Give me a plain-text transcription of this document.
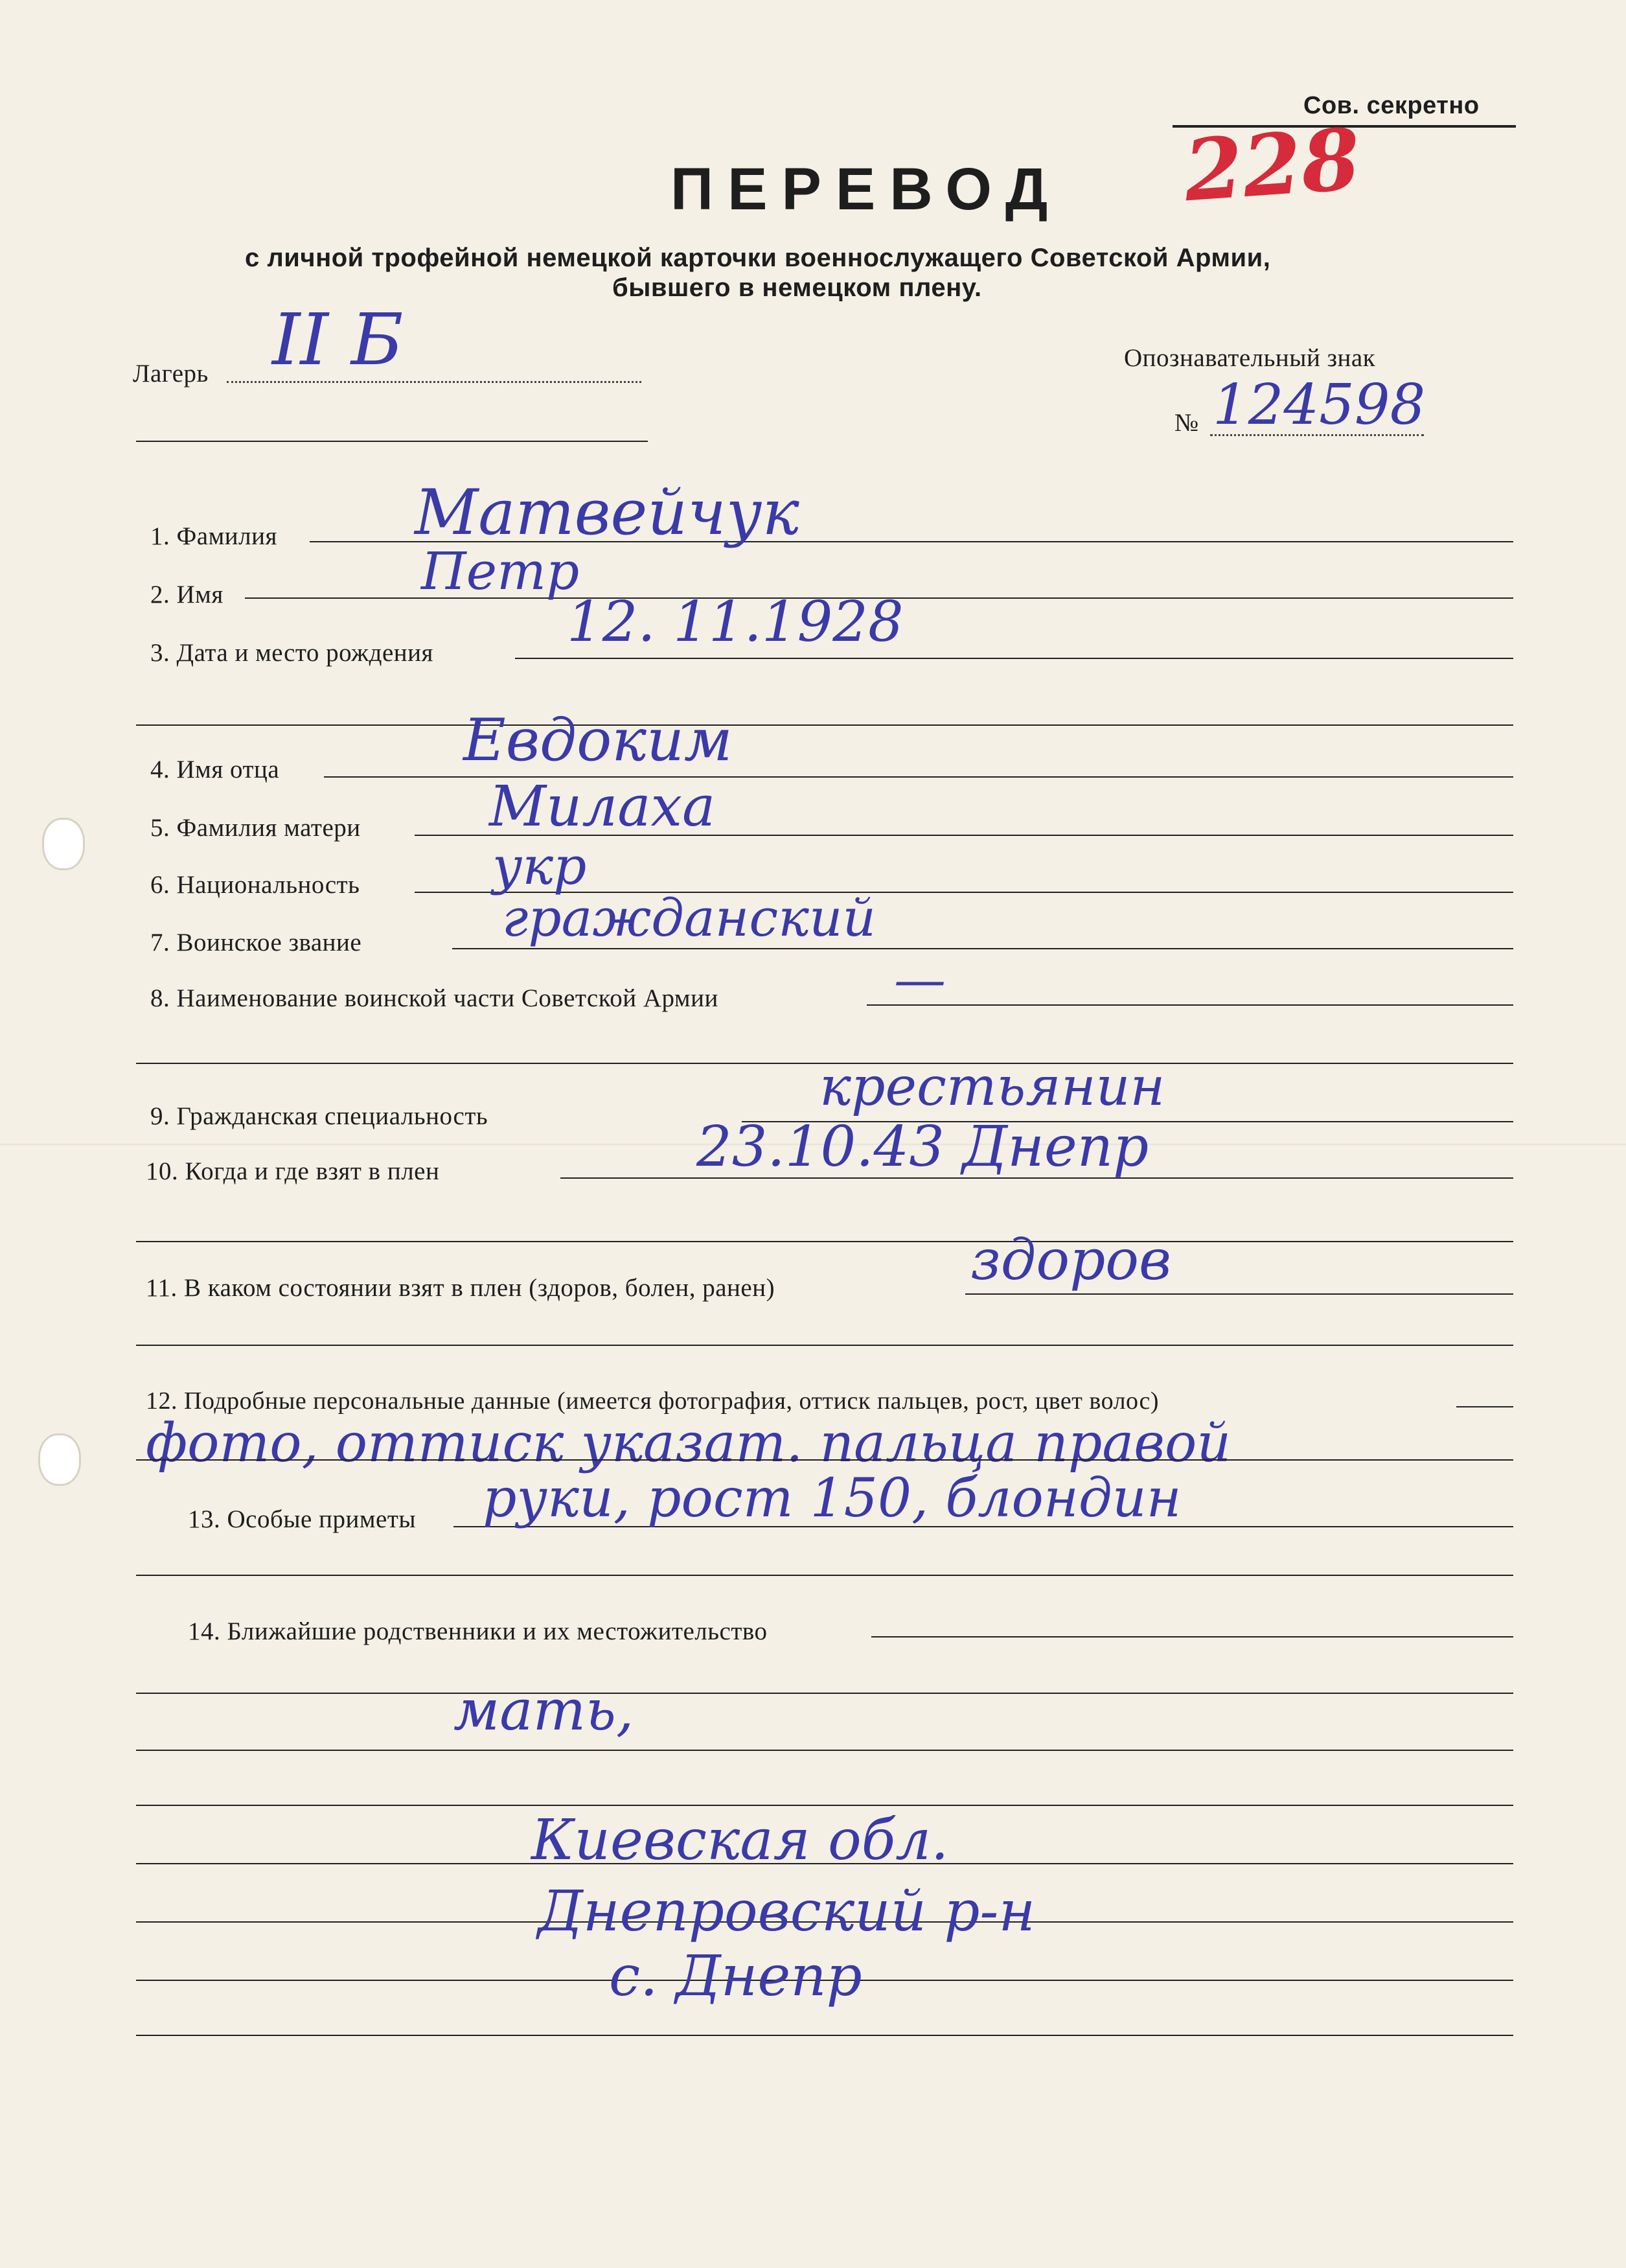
Сов. секретно
228
ПЕРЕВОД
с личной трофейной немецкой карточки военнослужащего Советской Армии,
бывшего в немецком плену.
Лагерь II Б	Опознавательный знак
№ 124598
1. Фамилия Матвейчук
2. Имя	Петр
3. Дата и место рождения 12. 11.1928
4. Имя отца	Евдоким
5. Фамилия матери Милаха
6. Национальность	укр
7. Воинское звание	гражданский
8. Наименование воинской части Советской Армии	—
9. Гражданская специальность	крестьянин
10. Когда и где взят в плен	23.10.43 Днепр
11. В каком состоянии взят в плен (здоров, болен, ранен)	здоров
12. Подробные персональные данные (имеется фотография, оттиск пальцев, рост, цвет волос)
фото, оттиск указат. пальца правой
13. Особые приметы руки, рост 150, блондин
14. Ближайшие родственники и их местожительство
мать,
Киевская обл.
Днепровский р-н
с. Днепр
